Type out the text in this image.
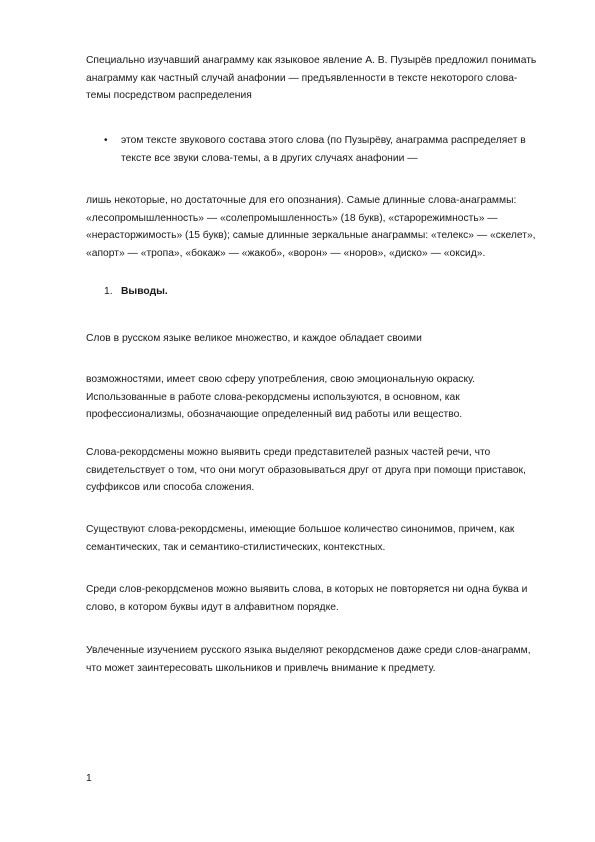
Специально изучавший анаграмму как языковое явление А. В. Пузырёв предложил понимать
анаграмму как частный случай анафонии — предъявленности в тексте некоторого слова-
темы посредством распределения
• этом тексте звукового состава этого слова (по Пузырёву, анаграмма распределяет в
тексте все звуки слова-темы, а в других случаях анафонии —
лишь некоторые, но достаточные для его опознания). Самые длинные слова-анаграммы:
«лесопромышленность» — «солепромышленность» (18 букв), «старорежимность» —
«нерасторжимость» (15 букв); самые длинные зеркальные анаграммы: «телекс» — «скелет»,
«апорт» — «тропа», «бокаж» — «жакоб», «ворон» — «норов», «диско» — «оксид».
1. Выводы.
Слов в русском языке великое множество, и каждое обладает своими
возможностями, имеет свою сферу употребления, свою эмоциональную окраску.
Использованные в работе слова-рекордсмены используются, в основном, как
профессионализмы, обозначающие определенный вид работы или вещество.
Слова-рекордсмены можно выявить среди представителей разных частей речи, что
свидетельствует о том, что они могут образовываться друг от друга при помощи приставок,
суффиксов или способа сложения.
Существуют слова-рекордсмены, имеющие большое количество синонимов, причем, как
семантических, так и семантико-стилистических, контекстных.
Среди слов-рекордсменов можно выявить слова, в которых не повторяется ни одна буква и
слово, в котором буквы идут в алфавитном порядке.
Увлеченные изучением русского языка выделяют рекордсменов даже среди слов-анаграмм,
что может заинтересовать школьников и привлечь внимание к предмету.
1
